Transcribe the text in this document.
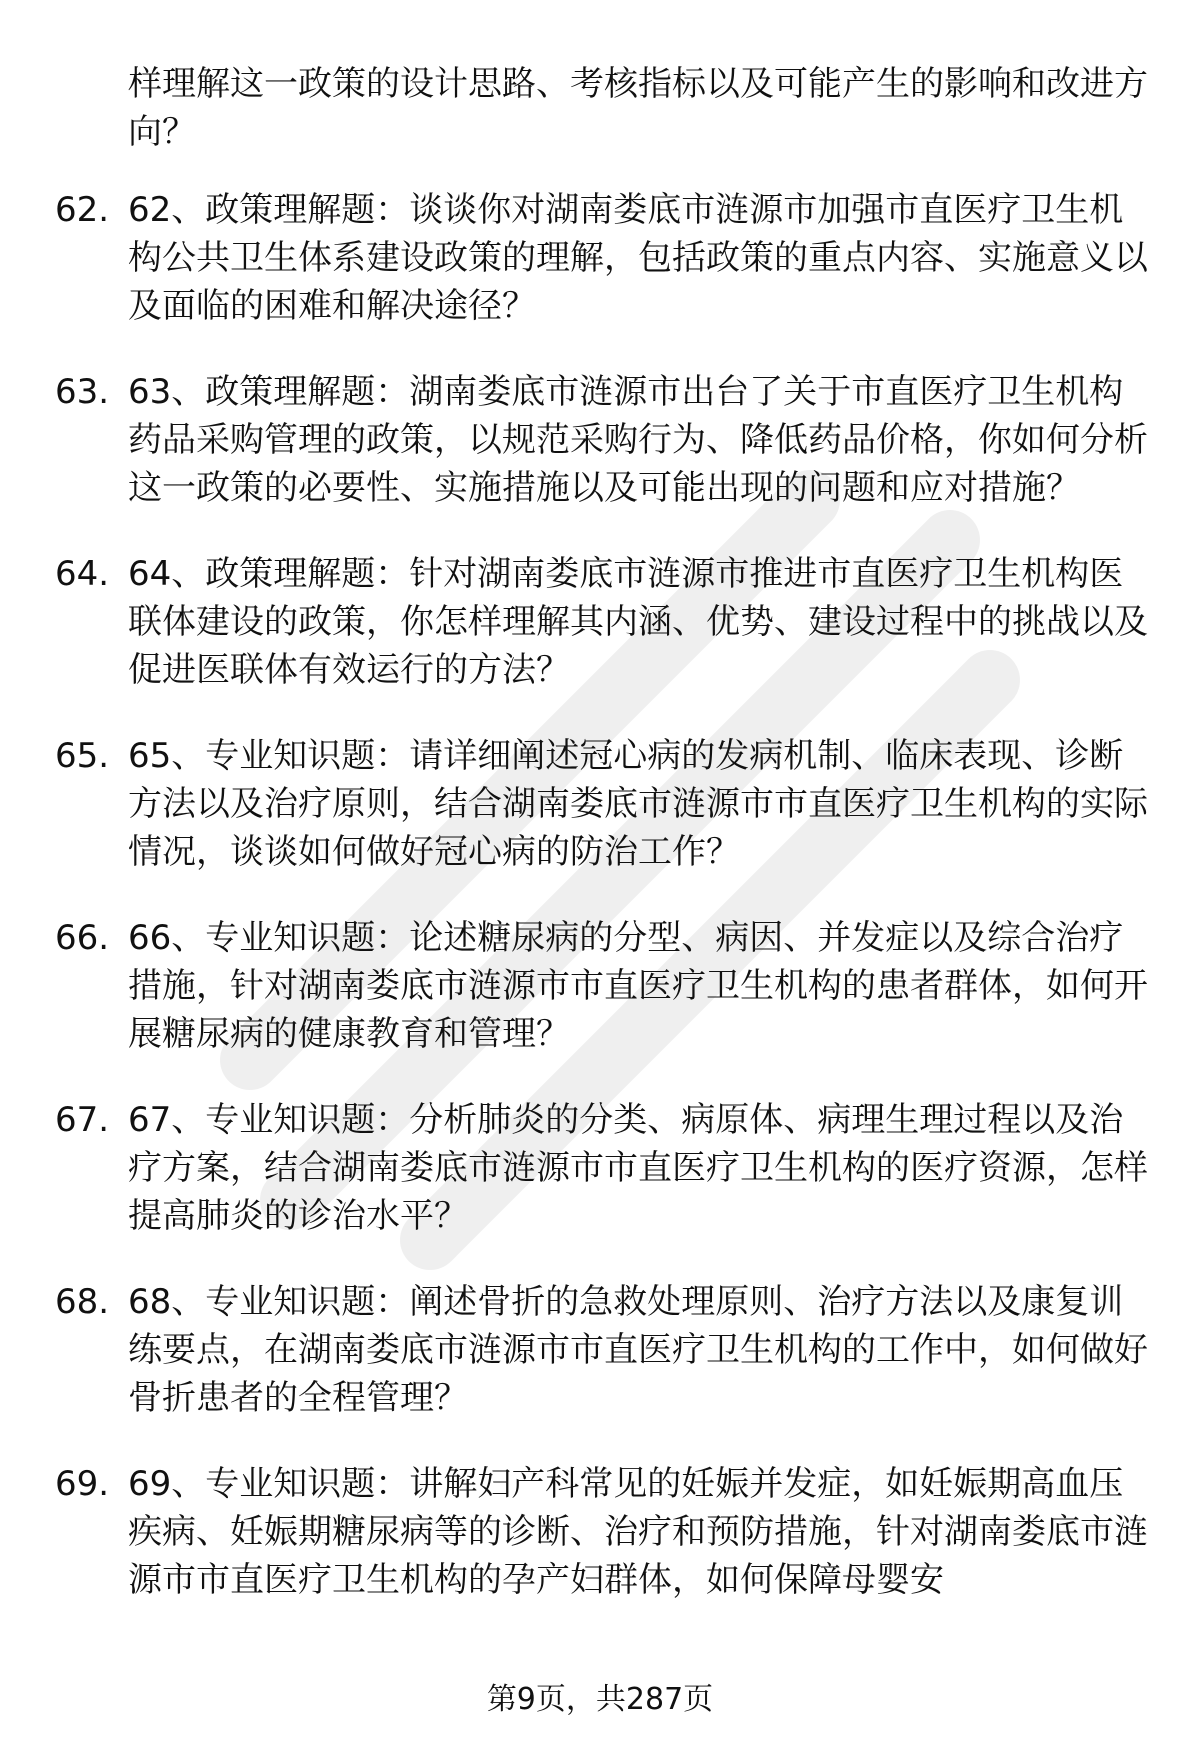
样理解这一政策的设计思路、考核指标以及可能产生的影响和改进方向？

62. 62、政策理解题：谈谈你对湖南娄底市涟源市加强市直医疗卫生机构公共卫生体系建设政策的理解，包括政策的重点内容、实施意义以及面临的困难和解决途径？
63. 63、政策理解题：湖南娄底市涟源市出台了关于市直医疗卫生机构药品采购管理的政策，以规范采购行为、降低药品价格，你如何分析这一政策的必要性、实施措施以及可能出现的问题和应对措施？
64. 64、政策理解题：针对湖南娄底市涟源市推进市直医疗卫生机构医联体建设的政策，你怎样理解其内涵、优势、建设过程中的挑战以及促进医联体有效运行的方法？
65. 65、专业知识题：请详细阐述冠心病的发病机制、临床表现、诊断方法以及治疗原则，结合湖南娄底市涟源市市直医疗卫生机构的实际情况，谈谈如何做好冠心病的防治工作？
66. 66、专业知识题：论述糖尿病的分型、病因、并发症以及综合治疗措施，针对湖南娄底市涟源市市直医疗卫生机构的患者群体，如何开展糖尿病的健康教育和管理？
67. 67、专业知识题：分析肺炎的分类、病原体、病理生理过程以及治疗方案，结合湖南娄底市涟源市市直医疗卫生机构的医疗资源，怎样提高肺炎的诊治水平？
68. 68、专业知识题：阐述骨折的急救处理原则、治疗方法以及康复训练要点，在湖南娄底市涟源市市直医疗卫生机构的工作中，如何做好骨折患者的全程管理？
69. 69、专业知识题：讲解妇产科常见的妊娠并发症，如妊娠期高血压疾病、妊娠期糖尿病等的诊断、治疗和预防措施，针对湖南娄底市涟源市市直医疗卫生机构的孕产妇群体，如何保障母婴安
第9页，共287页
